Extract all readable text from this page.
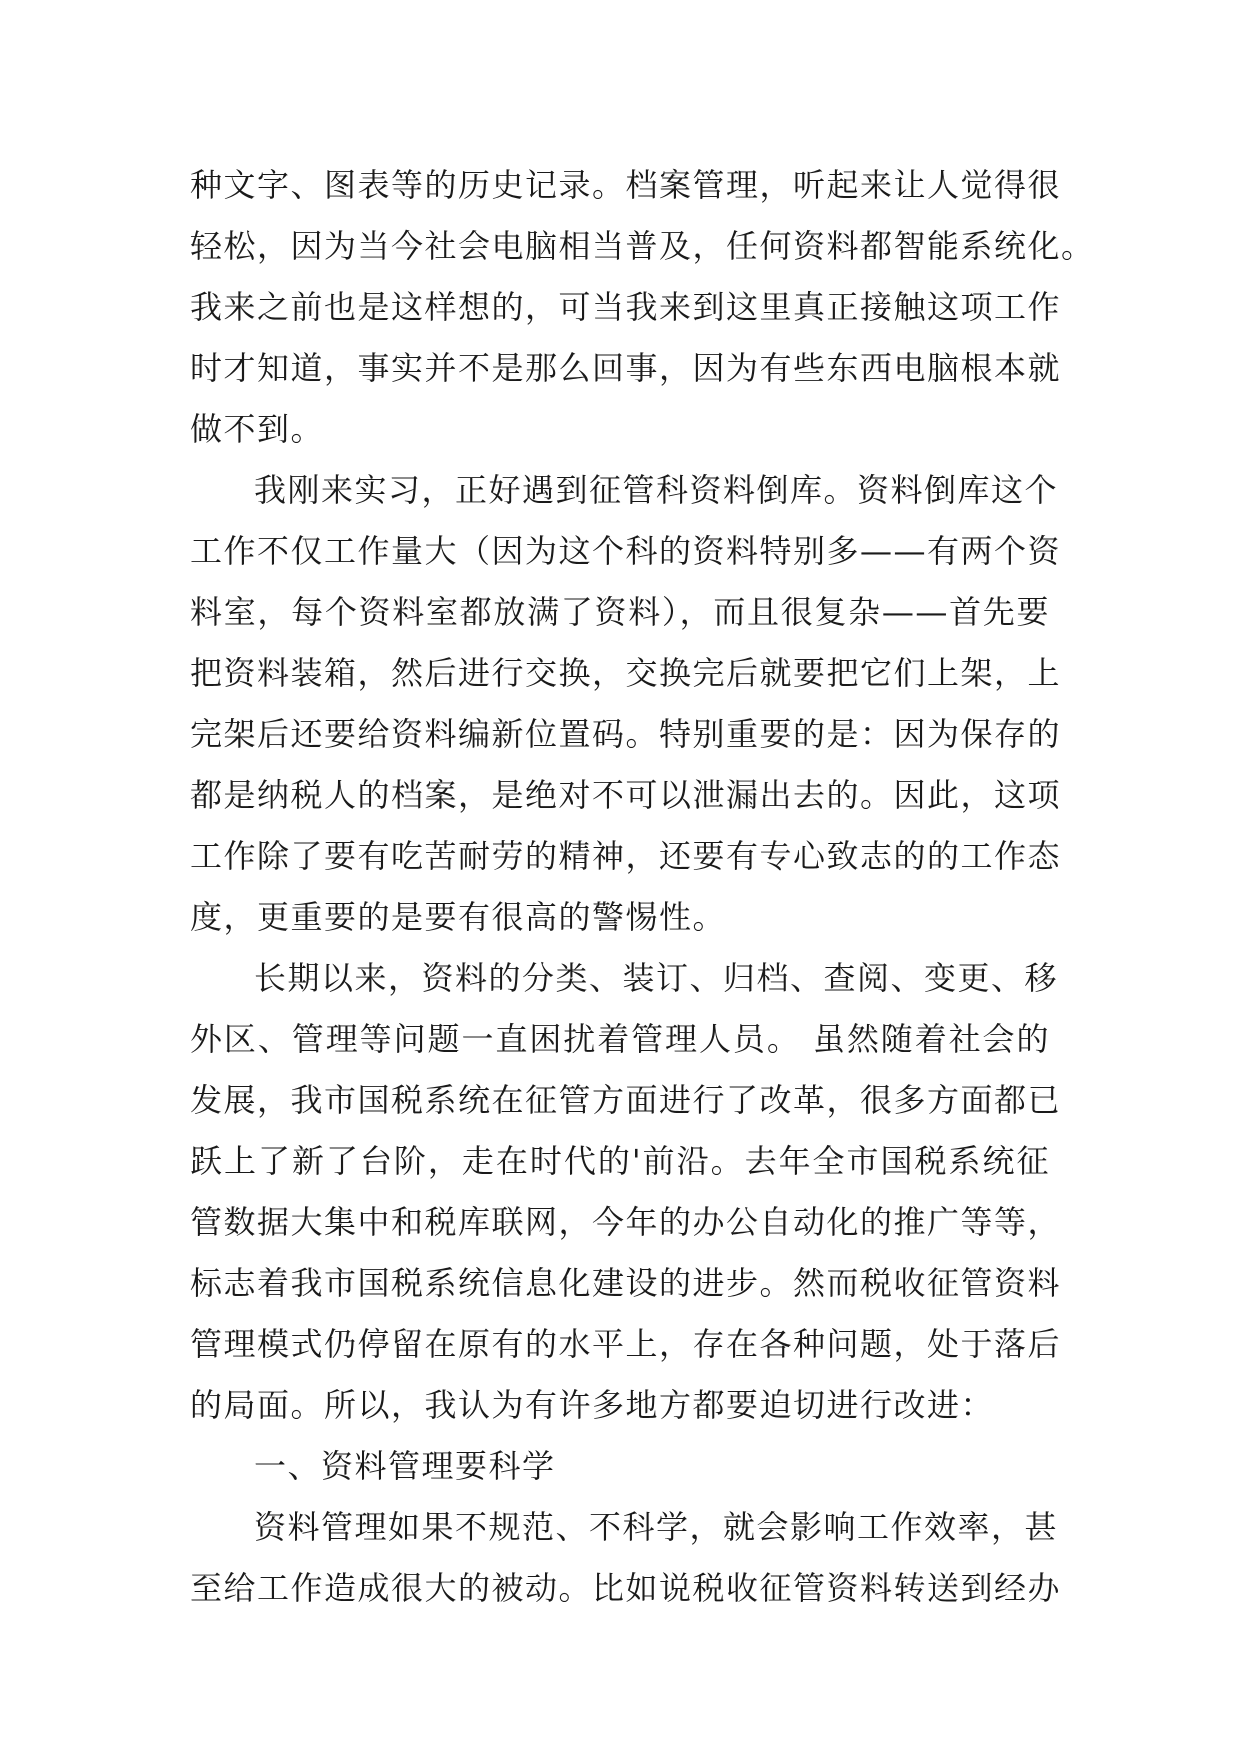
种文字、图表等的历史记录。档案管理，听起来让人觉得很
轻松，因为当今社会电脑相当普及，任何资料都智能系统化。
我来之前也是这样想的，可当我来到这里真正接触这项工作
时才知道，事实并不是那么回事，因为有些东西电脑根本就
做不到。
我刚来实习，正好遇到征管科资料倒库。资料倒库这个
工作不仅工作量大（因为这个科的资料特别多——有两个资
料室，每个资料室都放满了资料），而且很复杂——首先要
把资料装箱，然后进行交换，交换完后就要把它们上架，上
完架后还要给资料编新位置码。特别重要的是：因为保存的
都是纳税人的档案，是绝对不可以泄漏出去的。因此，这项
工作除了要有吃苦耐劳的精神，还要有专心致志的的工作态
度，更重要的是要有很高的警惕性。
长期以来，资料的分类、装订、归档、查阅、变更、移
外区、管理等问题一直困扰着管理人员。 虽然随着社会的
发展，我市国税系统在征管方面进行了改革，很多方面都已
跃上了新了台阶，走在时代的'前沿。去年全市国税系统征
管数据大集中和税库联网，今年的办公自动化的推广等等，
标志着我市国税系统信息化建设的进步。然而税收征管资料
管理模式仍停留在原有的水平上，存在各种问题，处于落后
的局面。所以，我认为有许多地方都要迫切进行改进：
一、资料管理要科学
资料管理如果不规范、不科学，就会影响工作效率，甚
至给工作造成很大的被动。比如说税收征管资料转送到经办
